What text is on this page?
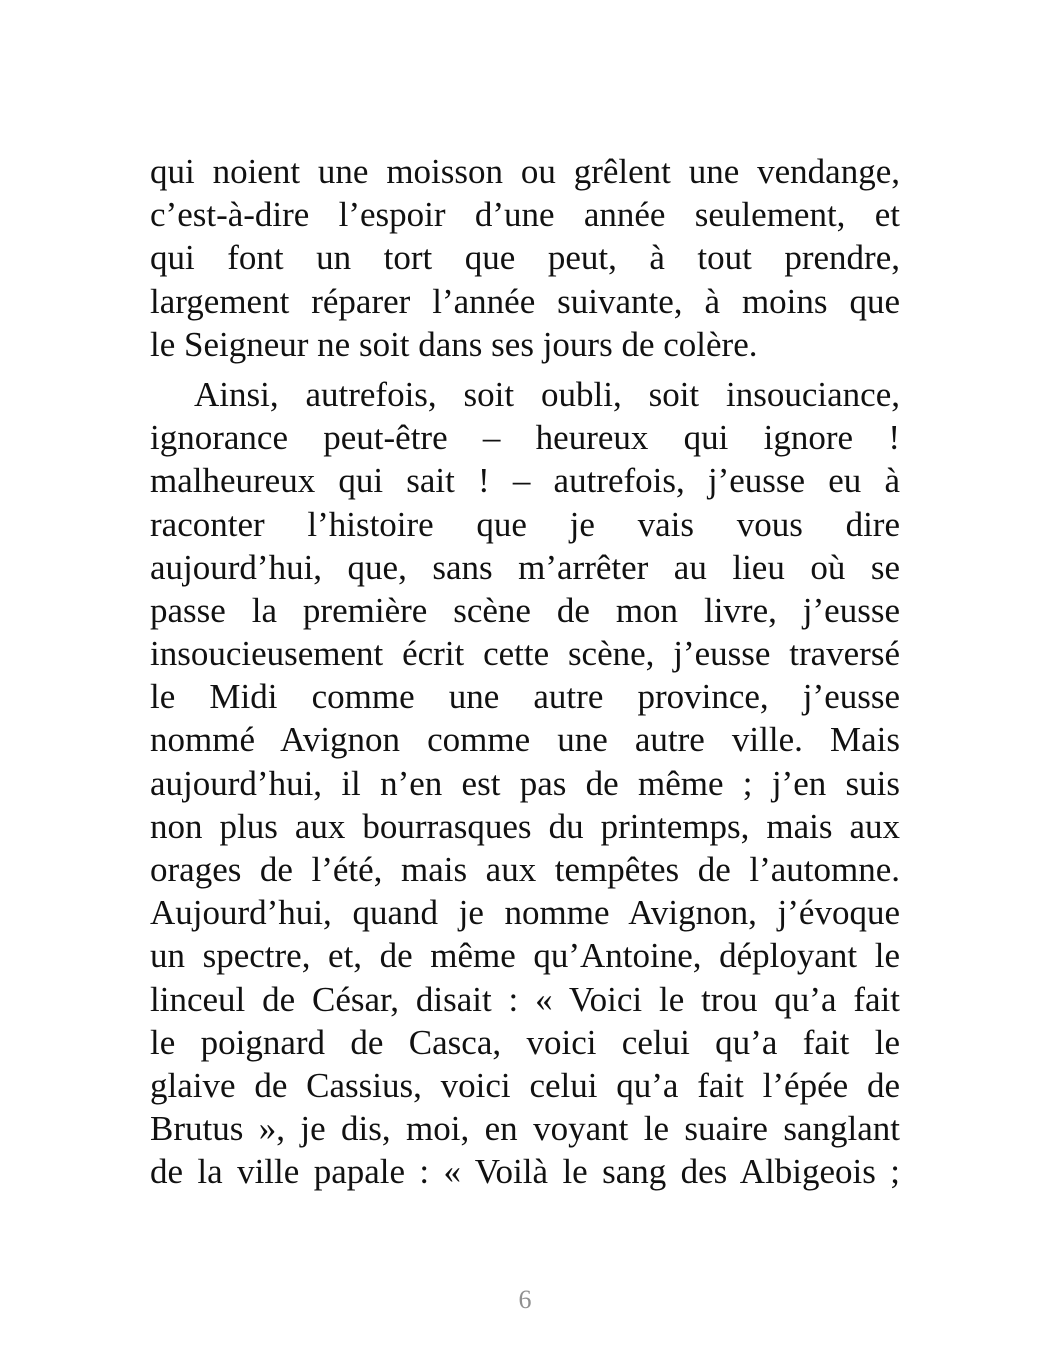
qui noient une moisson ou grêlent une vendange,
c’est-à-dire l’espoir d’une année seulement, et
qui font un tort que peut, à tout prendre,
largement réparer l’année suivante, à moins que
le Seigneur ne soit dans ses jours de colère.
Ainsi, autrefois, soit oubli, soit insouciance,
ignorance peut-être – heureux qui ignore !
malheureux qui sait ! – autrefois, j’eusse eu à
raconter l’histoire que je vais vous dire
aujourd’hui, que, sans m’arrêter au lieu où se
passe la première scène de mon livre, j’eusse
insoucieusement écrit cette scène, j’eusse traversé
le Midi comme une autre province, j’eusse
nommé Avignon comme une autre ville. Mais
aujourd’hui, il n’en est pas de même ; j’en suis
non plus aux bourrasques du printemps, mais aux
orages de l’été, mais aux tempêtes de l’automne.
Aujourd’hui, quand je nomme Avignon, j’évoque
un spectre, et, de même qu’Antoine, déployant le
linceul de César, disait : « Voici le trou qu’a fait
le poignard de Casca, voici celui qu’a fait le
glaive de Cassius, voici celui qu’a fait l’épée de
Brutus », je dis, moi, en voyant le suaire sanglant
de la ville papale : « Voilà le sang des Albigeois ;
6
